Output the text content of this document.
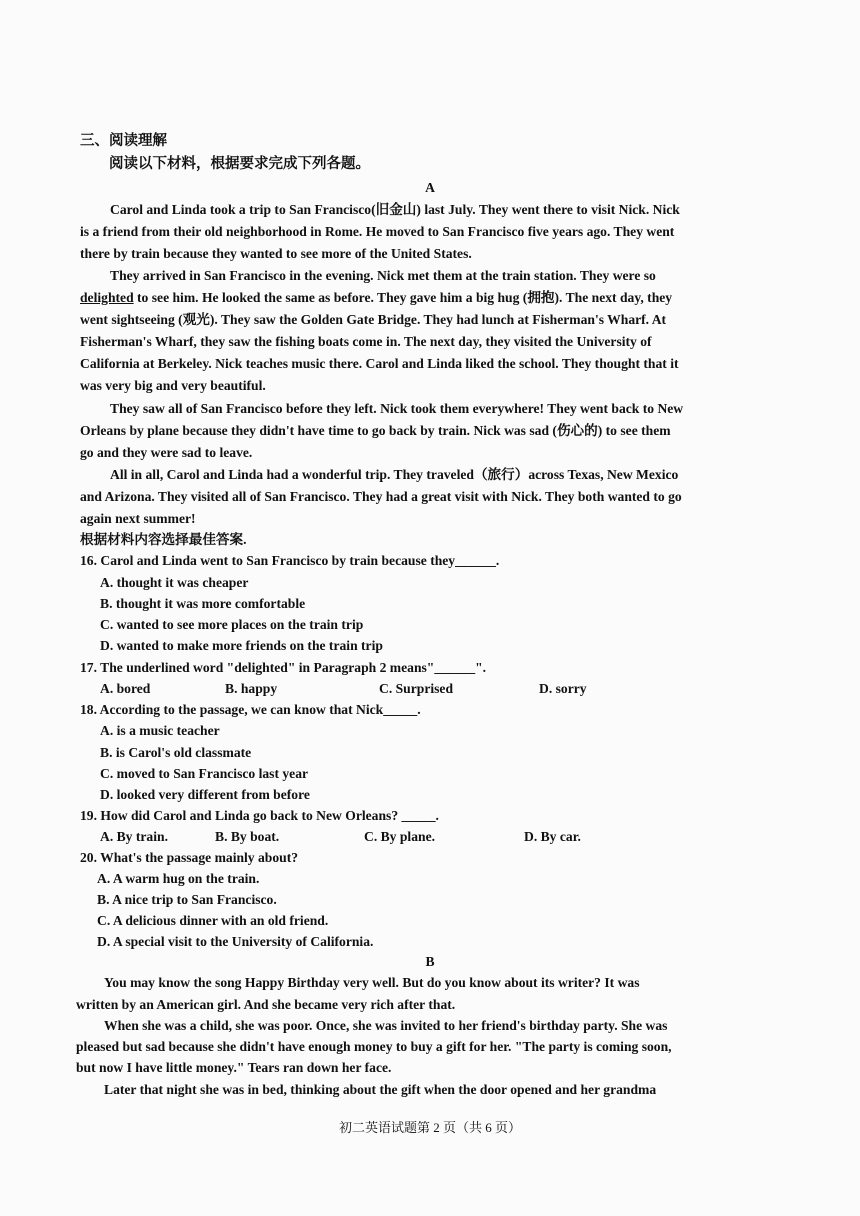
三、阅读理解
阅读以下材料，根据要求完成下列各题。
A
Carol and Linda took a trip to San Francisco(旧金山) last July. They went there to visit Nick. Nick
is a friend from their old neighborhood in Rome. He moved to San Francisco five years ago. They went
there by train because they wanted to see more of the United States.
They arrived in San Francisco in the evening. Nick met them at the train station. They were so
delighted to see him. He looked the same as before. They gave him a big hug (拥抱). The next day, they
went sightseeing (观光). They saw the Golden Gate Bridge. They had lunch at Fisherman's Wharf. At
Fisherman's Wharf, they saw the fishing boats come in. The next day, they visited the University of
California at Berkeley. Nick teaches music there. Carol and Linda liked the school. They thought that it
was very big and very beautiful.
They saw all of San Francisco before they left. Nick took them everywhere! They went back to New
Orleans by plane because they didn't have time to go back by train. Nick was sad (伤心的) to see them
go and they were sad to leave.
All in all, Carol and Linda had a wonderful trip. They traveled（旅行）across Texas, New Mexico
and Arizona. They visited all of San Francisco. They had a great visit with Nick. They both wanted to go
again next summer!
根据材料内容选择最佳答案.
16. Carol and Linda went to San Francisco by train because they______.
A. thought it was cheaper
B. thought it was more comfortable
C. wanted to see more places on the train trip
D. wanted to make more friends on the train trip
17. The underlined word "delighted" in Paragraph 2 means"______".
A. bored	B. happy	C. Surprised	D. sorry
18. According to the passage, we can know that Nick_____.
A. is a music teacher
B. is Carol's old classmate
C. moved to San Francisco last year
D. looked very different from before
19. How did Carol and Linda go back to New Orleans? _____.
A. By train.	B. By boat.	C. By plane.	D. By car.
20. What's the passage mainly about?
A. A warm hug on the train.
B. A nice trip to San Francisco.
C. A delicious dinner with an old friend.
D. A special visit to the University of California.
B
You may know the song Happy Birthday very well. But do you know about its writer? It was
written by an American girl. And she became very rich after that.
When she was a child, she was poor. Once, she was invited to her friend's birthday party. She was
pleased but sad because she didn't have enough money to buy a gift for her. "The party is coming soon,
but now I have little money." Tears ran down her face.
Later that night she was in bed, thinking about the gift when the door opened and her grandma
初二英语试题第 2 页（共 6 页）
